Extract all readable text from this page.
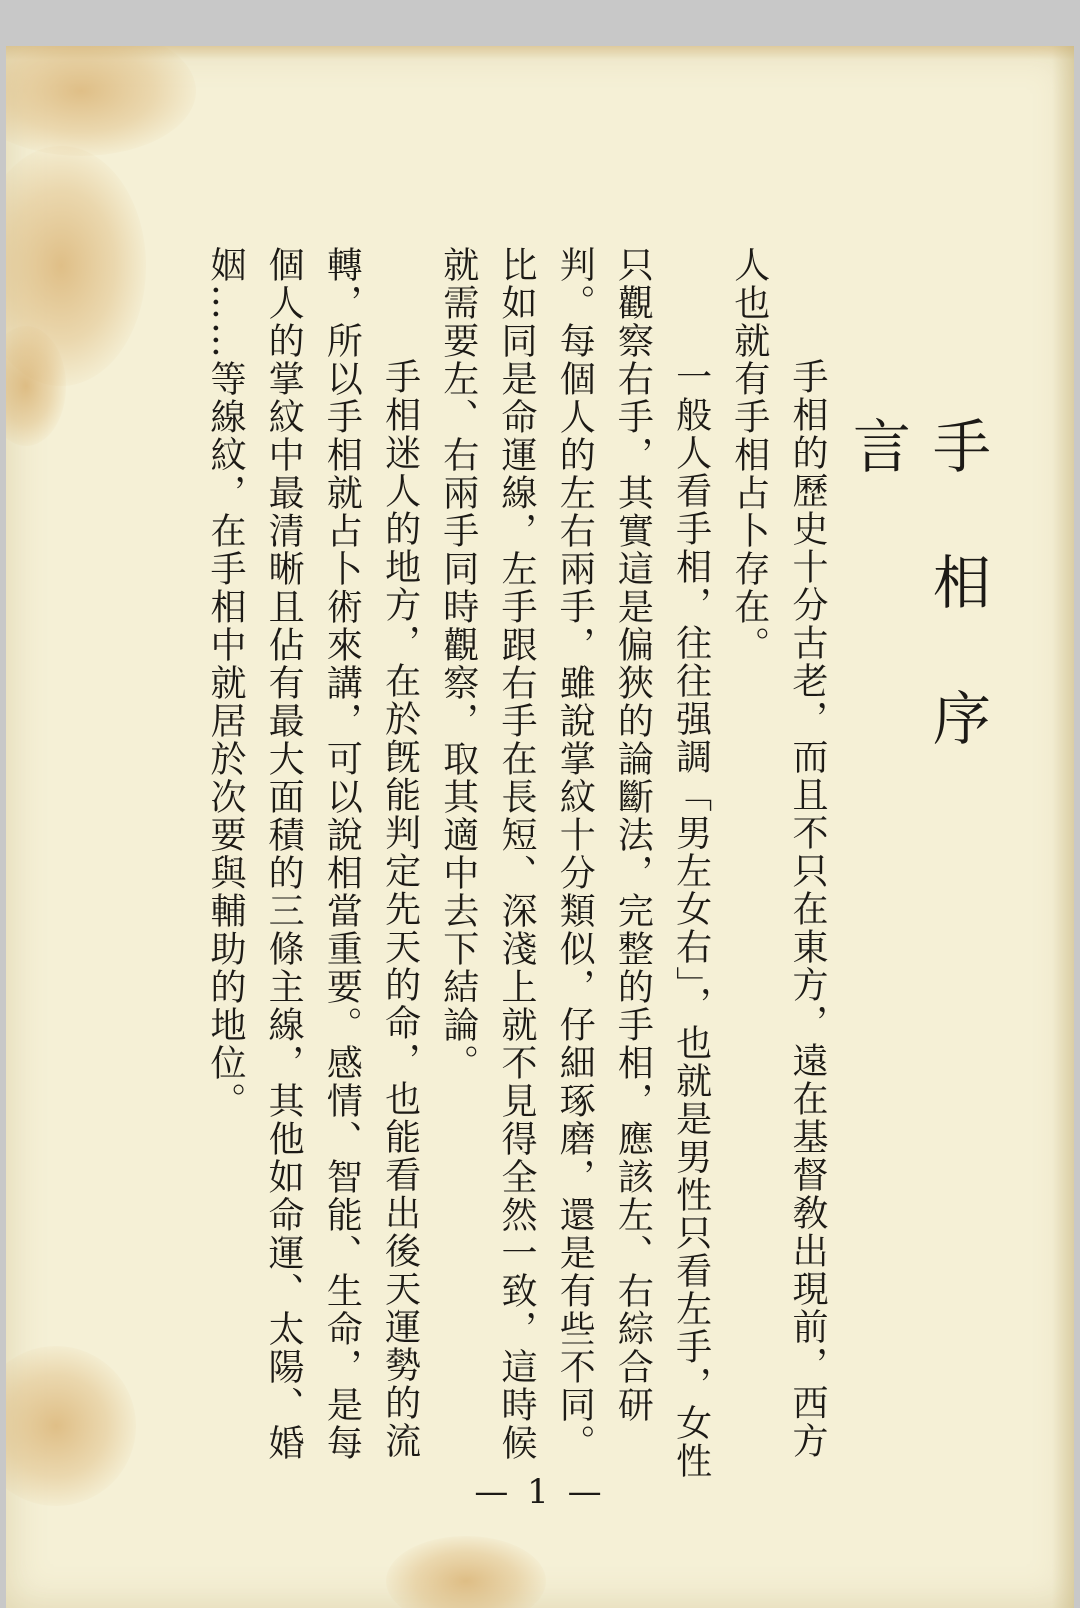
手相序言

手相的歷史十分古老，而且不只在東方，遠在基督敎出現前，西方人也就有手相占卜存在。

一般人看手相，往往强調「男左女右」，也就是男性只看左手，女性只觀察右手，其實這是偏狹的論斷法，完整的手相，應該左、右綜合研判。每個人的左右兩手，雖說掌紋十分類似，仔細琢磨，還是有些不同。比如同是命運線，左手跟右手在長短、深淺上就不見得全然一致，這時候就需要左、右兩手同時觀察，取其適中去下結論。

手相迷人的地方，在於旣能判定先天的命，也能看出後天運勢的流轉，所以手相就占卜術來講，可以說相當重要。感情、智能、生命，是每個人的掌紋中最清晰且佔有最大面積的三條主線，其他如命運、太陽、婚姻……等線紋，在手相中就居於次要與輔助的地位。

— 1 —
